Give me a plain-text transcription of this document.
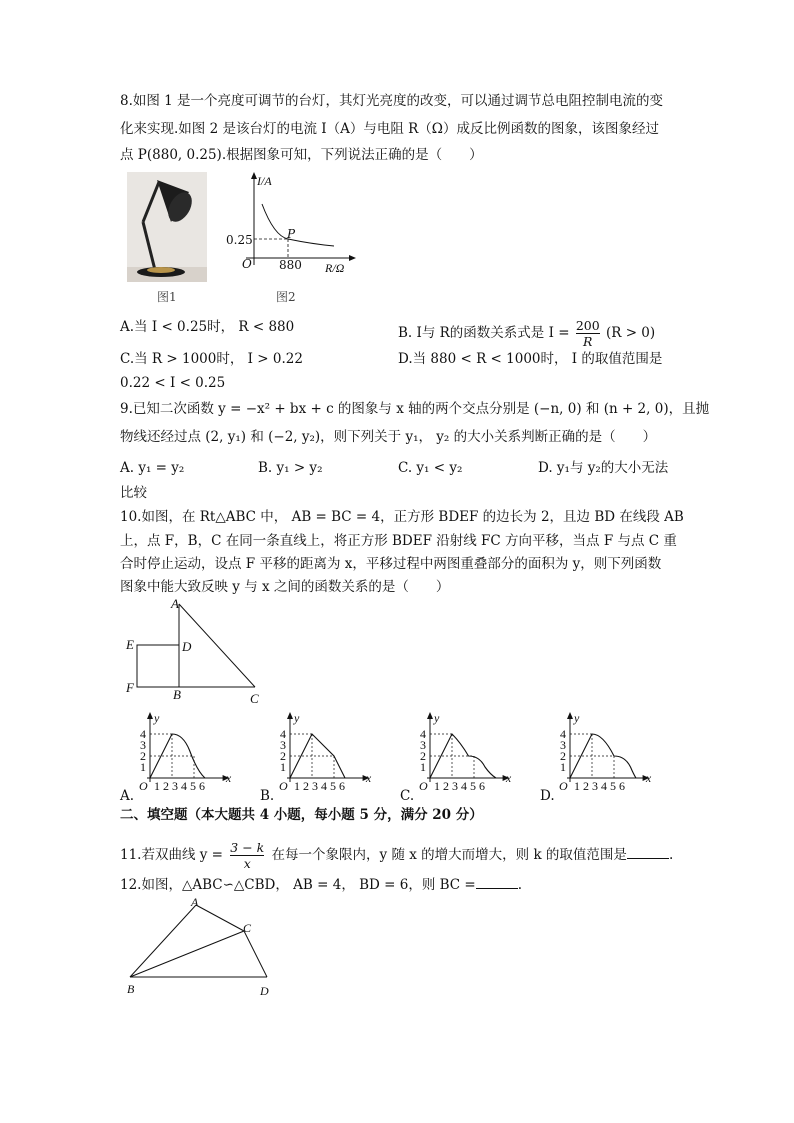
8.如图 1 是一个亮度可调节的台灯，其灯光亮度的改变，可以通过调节总电阻控制电流的变
化来实现.如图 2 是该台灯的电流 I（A）与电阻 R（Ω）成反比例函数的图象，该图象经过
点 P(880, 0.25).根据图象可知，下列说法正确的是（　　）
图1
I/A
R/Ω
0.25
880
O
P
图2
A.当 I < 0.25时， R < 880	B. I与 R的函数关系式是 $I = \frac{200}{R} (R > 0)$
C.当 R > 1000时， I > 0.22	D.当 880 < R < 1000时， I 的取值范围是
0.22 < I < 0.25
9.已知二次函数 y = −x² + bx + c 的图象与 x 轴的两个交点分别是 (−n, 0) 和 (n + 2, 0)，且抛
物线还经过点 (2, y₁) 和 (−2, y₂)，则下列关于 y₁， y₂ 的大小关系判断正确的是（　　）
A. y₁ = y₂	B. y₁ > y₂	C. y₁ < y₂	D. y₁与 y₂的大小无法
比较
10.如图，在 Rt△ABC 中， AB = BC = 4，正方形 BDEF 的边长为 2，且边 BD 在线段 AB
上，点 F，B，C 在同一条直线上，将正方形 BDEF 沿射线 FC 方向平移，当点 F 与点 C 重
合时停止运动，设点 F 平移的距离为 x，平移过程中两图重叠部分的面积为 y，则下列函数
图象中能大致反映 y 与 x 之间的函数关系的是（　　）
A
D
E
F	B	C
y
x
O
4
3
2
1
1 2 3 4 5 6
A.
y
x
O
4
3
2
1
1 2 3 4 5 6
B.
y
x
O
4
3
2
1
1 2 3 4 5 6
C.
y
x
O
4
3
2
1
1 2 3 4 5 6
D.
二、填空题（本大题共 4 小题，每小题 5 分，满分 20 分）
11.若双曲线 $y = \frac{3 - k}{x}$ 在每一个象限内，y 随 x 的增大而增大，则 k 的取值范围是	.
12.如图，△ABC∽△CBD， AB = 4， BD = 6，则 BC =	.
A
C
B	D
